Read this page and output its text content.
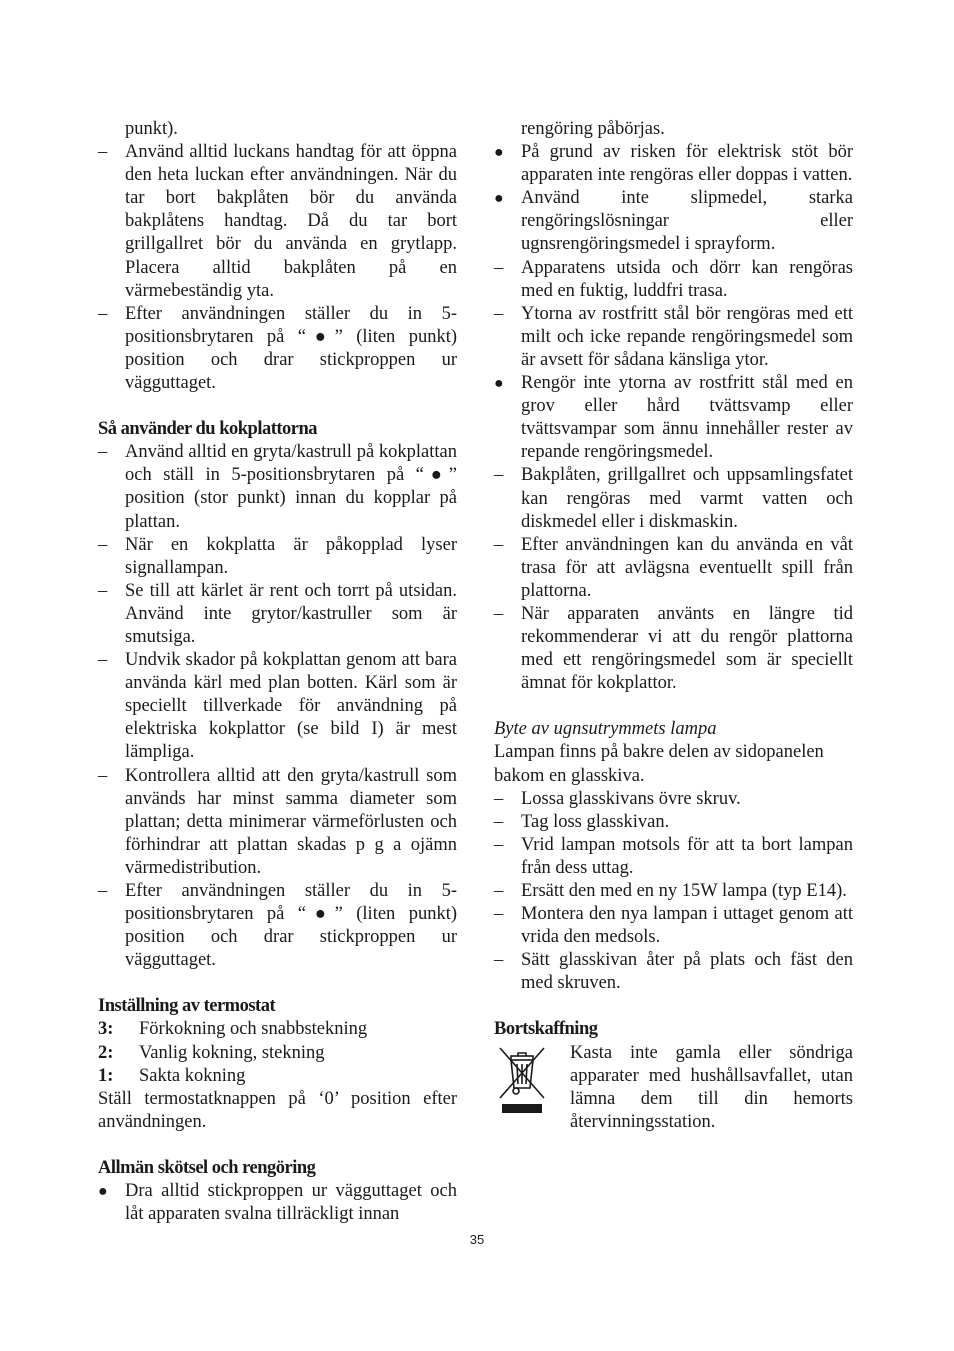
punkt).

– Använd alltid luckans handtag för att öppna den heta luckan efter användningen. När du tar bort bakplåten bör du använda bakplåtens handtag. Då du tar bort grillgallret bör du använda en grytlapp. Placera alltid bakplåten på en värmebeständig yta.
– Efter användningen ställer du in 5-positionsbrytaren på “●” (liten punkt) position och drar stickproppen ur vägguttaget.

Så använder du kokplattorna

– Använd alltid en gryta/kastrull på kokplattan och ställ in 5-positionsbrytaren på “●” position (stor punkt) innan du kopplar på plattan.
– När en kokplatta är påkopplad lyser signallampan.
– Se till att kärlet är rent och torrt på utsidan. Använd inte grytor/kastruller som är smutsiga.
– Undvik skador på kokplattan genom att bara använda kärl med plan botten. Kärl som är speciellt tillverkade för användning på elektriska kokplattor (se bild I) är mest lämpliga.
– Kontrollera alltid att den gryta/kastrull som används har minst samma diameter som plattan; detta minimerar värmeförlusten och förhindrar att plattan skadas p g a ojämn värmedistribution.
– Efter användningen ställer du in 5-positionsbrytaren på “●” (liten punkt) position och drar stickproppen ur vägguttaget.

Inställning av termostat

3: Förkokning och snabbstekning
2: Vanlig kokning, stekning
1: Sakta kokning

Ställ termostatknappen på ‘0’ position efter användningen.

Allmän skötsel och rengöring

● Dra alltid stickproppen ur vägguttaget och låt apparaten svalna tillräckligt innan

rengöring påbörjas.

● På grund av risken för elektrisk stöt bör apparaten inte rengöras eller doppas i vatten.
● Använd inte slipmedel, starka rengöringslösningar eller ugnsrengöringsmedel i sprayform.
– Apparatens utsida och dörr kan rengöras med en fuktig, luddfri trasa.
– Ytorna av rostfritt stål bör rengöras med ett milt och icke repande rengöringsmedel som är avsett för sådana känsliga ytor.
● Rengör inte ytorna av rostfritt stål med en grov eller hård tvättsvamp eller tvättsvampar som ännu innehåller rester av repande rengöringsmedel.
– Bakplåten, grillgallret och uppsamlingsfatet kan rengöras med varmt vatten och diskmedel eller i diskmaskin.
– Efter användningen kan du använda en våt trasa för att avlägsna eventuellt spill från plattorna.
– När apparaten använts en längre tid rekommenderar vi att du rengör plattorna med ett rengöringsmedel som är speciellt ämnat för kokplattor.

Byte av ugnsutrymmets lampa

Lampan finns på bakre delen av sidopanelen bakom en glasskiva.

– Lossa glasskivans övre skruv.
– Tag loss glasskivan.
– Vrid lampan motsols för att ta bort lampan från dess uttag.
– Ersätt den med en ny 15W lampa (typ E14).
– Montera den nya lampan i uttaget genom att vrida den medsols.
– Sätt glasskivan åter på plats och fäst den med skruven.

Bortskaffning

Kasta inte gamla eller söndriga apparater med hushållsavfallet, utan lämna dem till din hemorts återvinningsstation.
35
